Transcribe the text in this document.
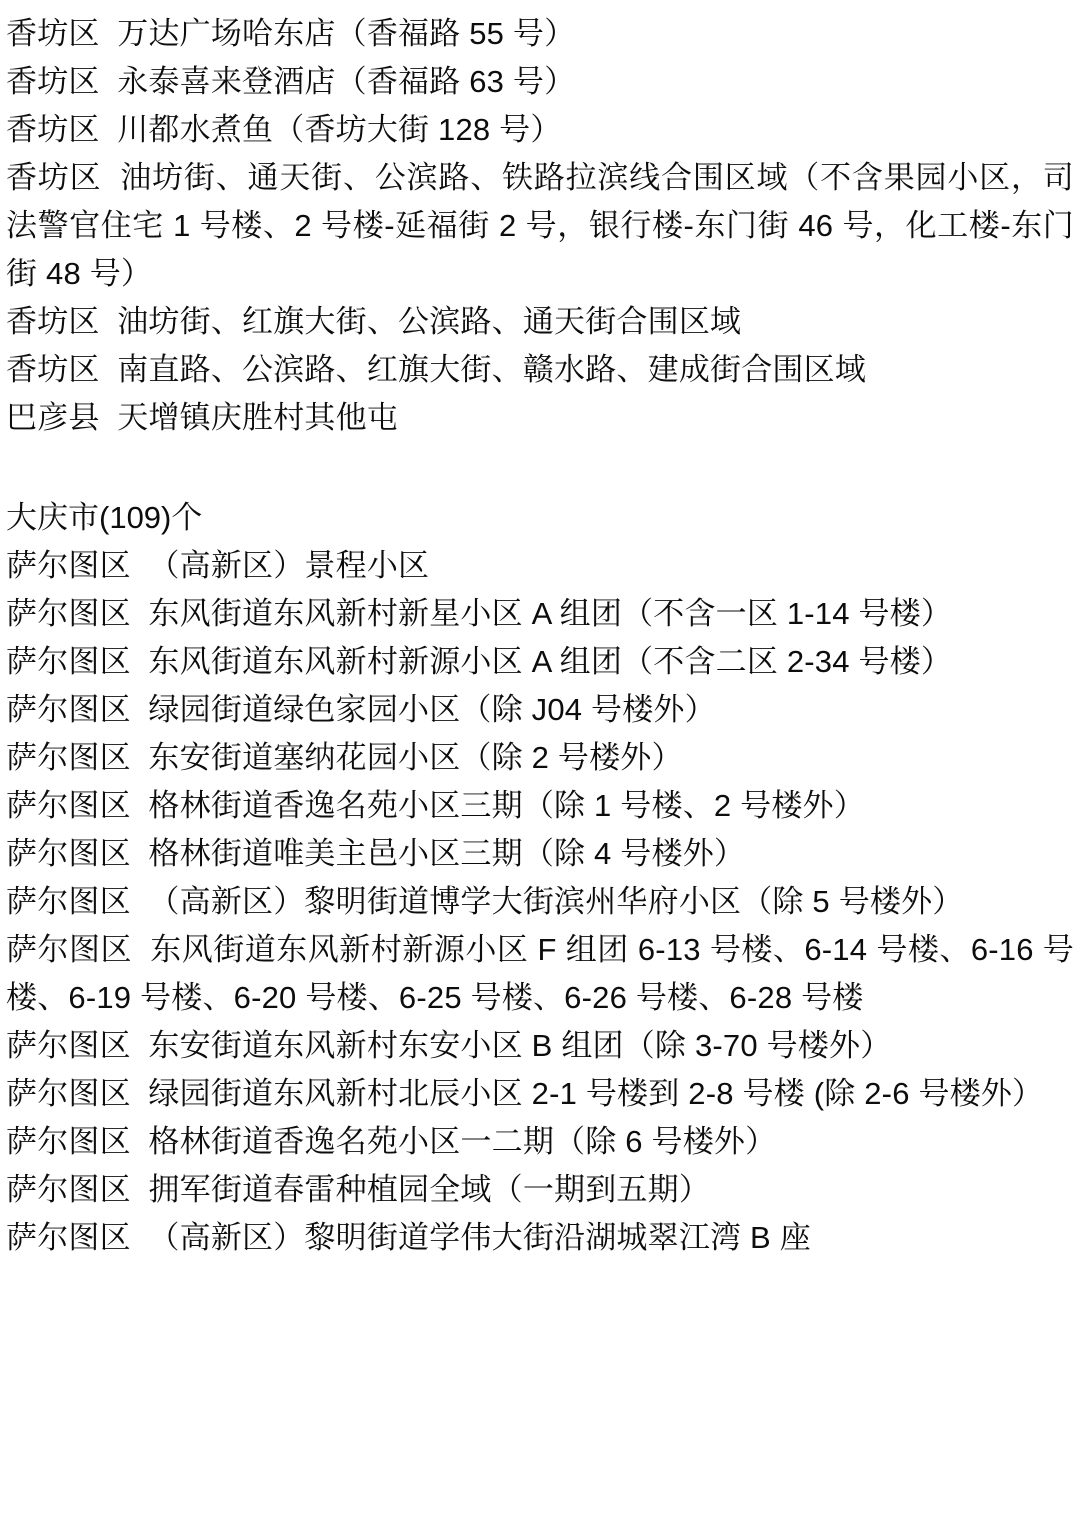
香坊区  万达广场哈东店（香福路 55 号）
香坊区  永泰喜来登酒店（香福路 63 号）
香坊区  川都水煮鱼（香坊大街 128 号）
香坊区  油坊街、通天街、公滨路、铁路拉滨线合围区域（不含果园小区，司法警官住宅 1 号楼、2 号楼-延福街 2 号，银行楼-东门街 46 号，化工楼-东门街 48 号）
香坊区  油坊街、红旗大街、公滨路、通天街合围区域
香坊区  南直路、公滨路、红旗大街、赣水路、建成街合围区域
巴彦县  天增镇庆胜村其他屯
大庆市(109)个
萨尔图区  （高新区）景程小区
萨尔图区  东风街道东风新村新星小区 A 组团（不含一区 1-14 号楼）
萨尔图区  东风街道东风新村新源小区 A 组团（不含二区 2-34 号楼）
萨尔图区  绿园街道绿色家园小区（除 J04 号楼外）
萨尔图区  东安街道塞纳花园小区（除 2 号楼外）
萨尔图区  格林街道香逸名苑小区三期（除 1 号楼、2 号楼外）
萨尔图区  格林街道唯美主邑小区三期（除 4 号楼外）
萨尔图区  （高新区）黎明街道博学大街滨州华府小区（除 5 号楼外）
萨尔图区  东风街道东风新村新源小区 F 组团 6-13 号楼、6-14 号楼、6-16 号楼、6-19 号楼、6-20 号楼、6-25 号楼、6-26 号楼、6-28 号楼
萨尔图区  东安街道东风新村东安小区 B 组团（除 3-70 号楼外）
萨尔图区  绿园街道东风新村北辰小区 2-1 号楼到 2-8 号楼 (除 2-6 号楼外）
萨尔图区  格林街道香逸名苑小区一二期（除 6 号楼外）
萨尔图区  拥军街道春雷种植园全域（一期到五期）
萨尔图区  （高新区）黎明街道学伟大街沿湖城翠江湾 B 座
